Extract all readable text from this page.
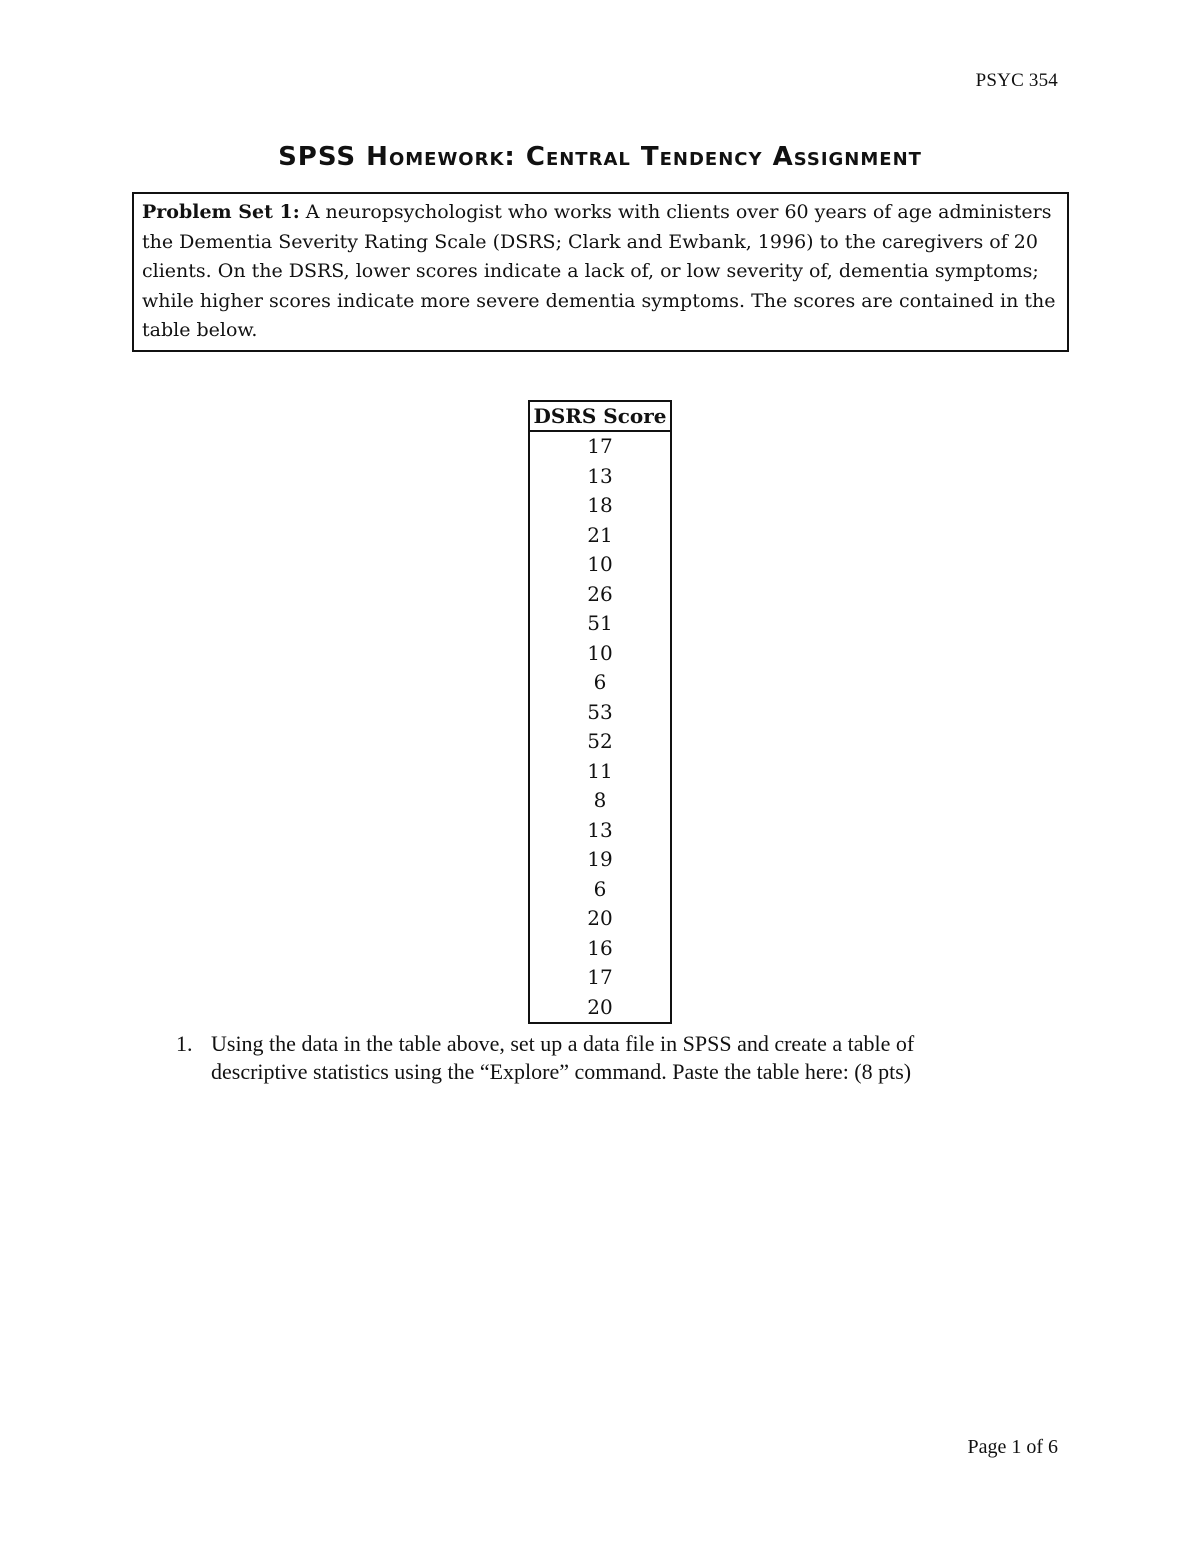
PSYC 354
SPSS Homework: Central Tendency Assignment
Problem Set 1: A neuropsychologist who works with clients over 60 years of age administers the Dementia Severity Rating Scale (DSRS; Clark and Ewbank, 1996) to the caregivers of 20 clients. On the DSRS, lower scores indicate a lack of, or low severity of, dementia symptoms; while higher scores indicate more severe dementia symptoms. The scores are contained in the table below.
DSRS Score
17
13
18
21
10
26
51
10
6
53
52
11
8
13
19
6
20
16
17
20
1. Using the data in the table above, set up a data file in SPSS and create a table of descriptive statistics using the “Explore” command. Paste the table here: (8 pts)
Page 1 of 6
